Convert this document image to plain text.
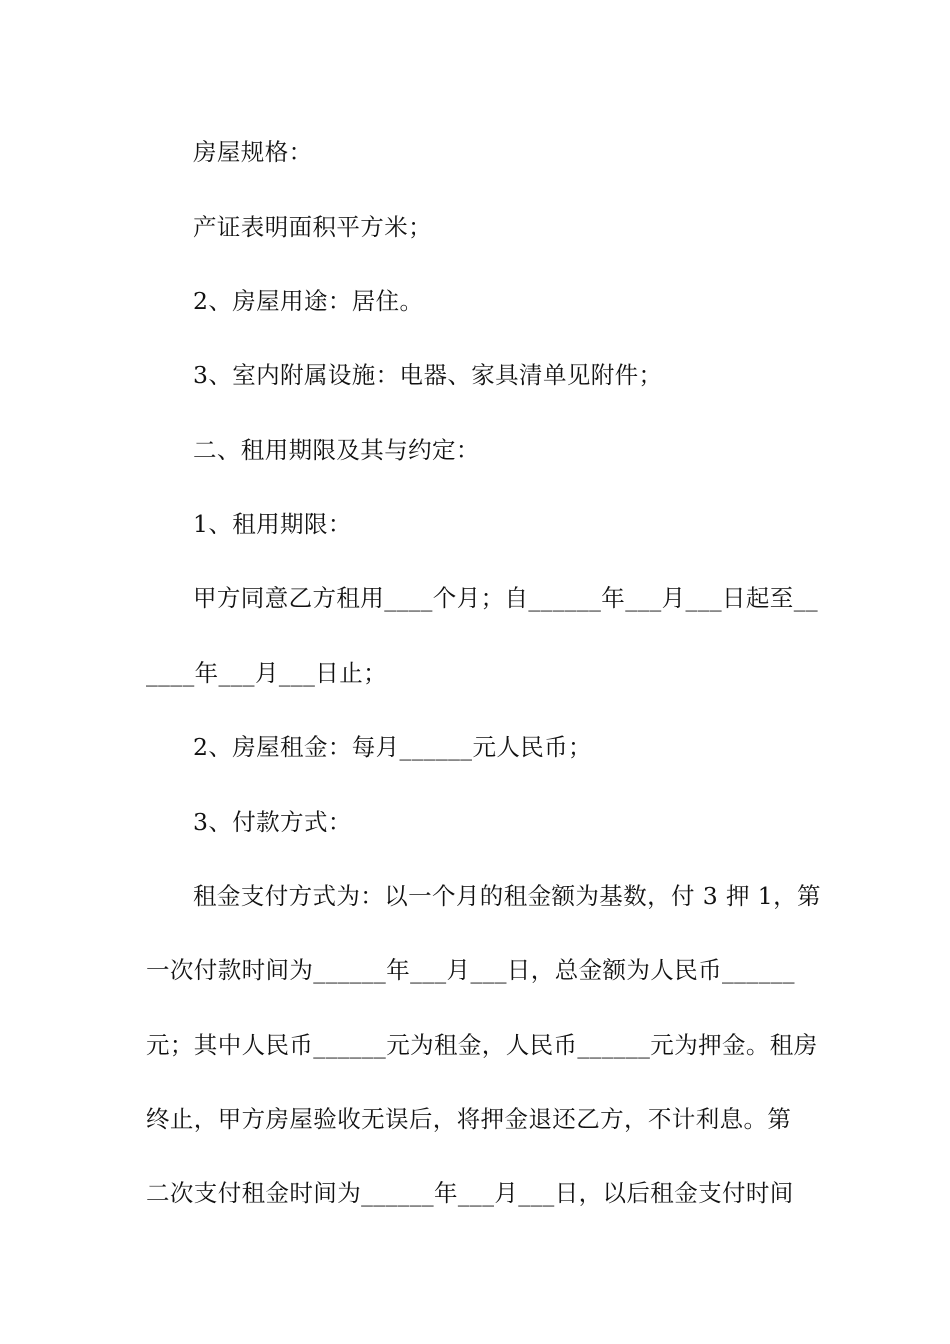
房屋规格：
产证表明面积平方米；
2、房屋用途：居住。
3、室内附属设施：电器、家具清单见附件；
二、租用期限及其与约定：
1、租用期限：
甲方同意乙方租用____个月；自______年___月___日起至__
____年___月___日止；
2、房屋租金：每月______元人民币；
3、付款方式：
租金支付方式为：以一个月的租金额为基数，付 3 押 1，第
一次付款时间为______年___月___日，总金额为人民币______
元；其中人民币______元为租金，人民币______元为押金。租房
终止，甲方房屋验收无误后，将押金退还乙方，不计利息。第
二次支付租金时间为______年___月___日，以后租金支付时间
